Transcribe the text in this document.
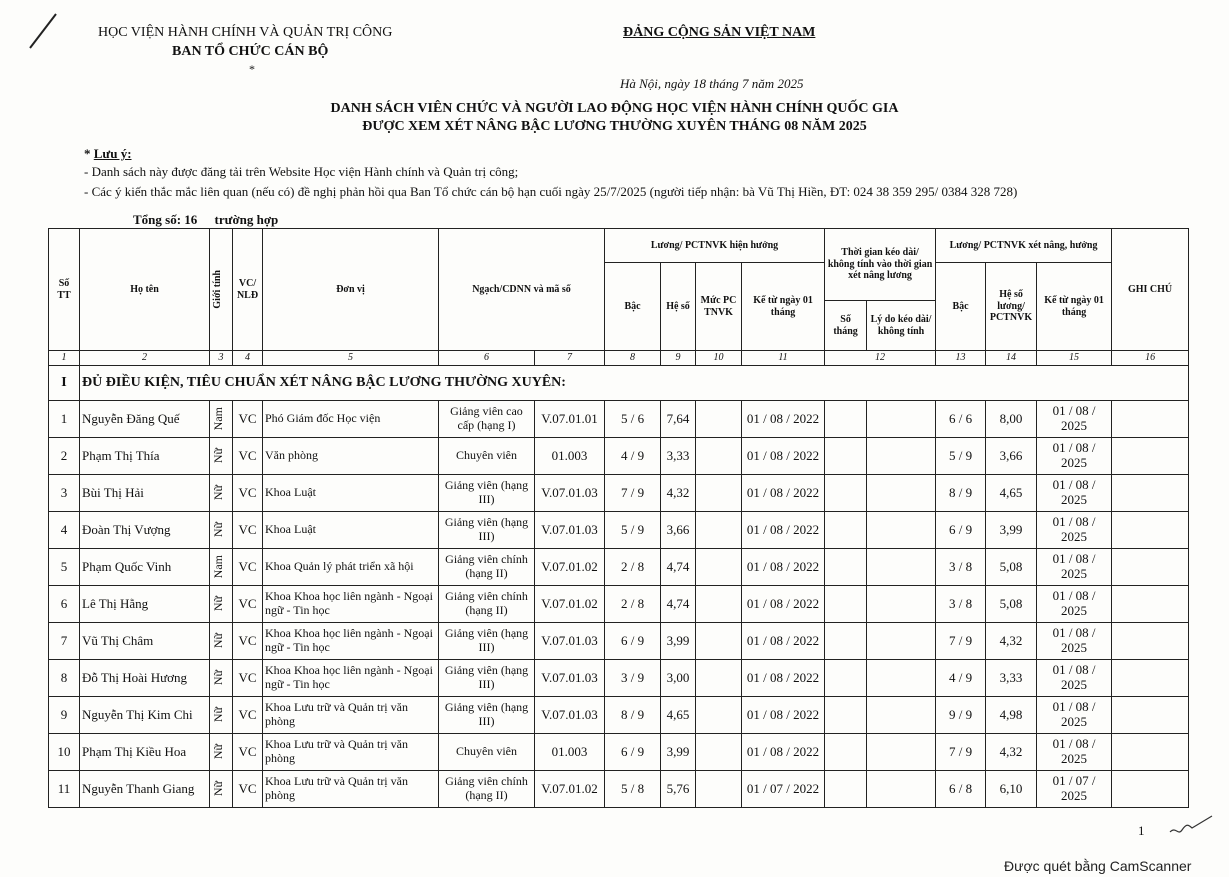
HỌC VIỆN HÀNH CHÍNH VÀ QUẢN TRỊ CÔNG
BAN TỔ CHỨC CÁN BỘ
*
ĐẢNG CỘNG SẢN VIỆT NAM
Hà Nội, ngày 18 tháng 7 năm 2025
DANH SÁCH VIÊN CHỨC VÀ NGƯỜI LAO ĐỘNG HỌC VIỆN HÀNH CHÍNH QUỐC GIA
ĐƯỢC XEM XÉT NÂNG BẬC LƯƠNG THƯỜNG XUYÊN THÁNG 08 NĂM 2025
* Lưu ý:
- Danh sách này được đăng tải trên Website Học viện Hành chính và Quản trị công;
- Các ý kiến thắc mắc liên quan (nếu có) đề nghị phản hồi qua Ban Tổ chức cán bộ hạn cuối ngày 25/7/2025 (người tiếp nhận: bà Vũ Thị Hiền, ĐT: 024 38 359 295/ 0384 328 728)
Tổng số: 16 trường hợp
Số TT	Họ tên	Giới tính	VC/ NLĐ	Đơn vị	Ngạch/CDNN và mã số		Lương/ PCTNVK hiện hưởng				Thời gian kéo dài/ không tính vào thời gian xét nâng lương		Lương/ PCTNVK xét nâng, hưởng			GHI CHÚ
							Bậc	Hệ số	Mức PC TNVK	Kể từ ngày 01 tháng			Bậc	Hệ số lương/ PCTNVK	Kể từ ngày 01 tháng	
											Số tháng	Lý do kéo dài/ không tính				
1	2	3	4	5	6	7	8	9	10	11	12		13	14	15	16
I	ĐỦ ĐIỀU KIỆN, TIÊU CHUẨN XÉT NÂNG BẬC LƯƠNG THƯỜNG XUYÊN:															
1	Nguyễn Đăng Quế	Nam	VC	Phó Giám đốc Học viện	Giảng viên cao cấp (hạng I)	V.07.01.01	5 / 6	7,64		01 / 08 / 2022			6 / 6	8,00	01 / 08 / 2025	
2	Phạm Thị Thía	Nữ	VC	Văn phòng	Chuyên viên	01.003	4 / 9	3,33		01 / 08 / 2022			5 / 9	3,66	01 / 08 / 2025	
3	Bùi Thị Hải	Nữ	VC	Khoa Luật	Giảng viên (hạng III)	V.07.01.03	7 / 9	4,32		01 / 08 / 2022			8 / 9	4,65	01 / 08 / 2025	
4	Đoàn Thị Vượng	Nữ	VC	Khoa Luật	Giảng viên (hạng III)	V.07.01.03	5 / 9	3,66		01 / 08 / 2022			6 / 9	3,99	01 / 08 / 2025	
5	Phạm Quốc Vinh	Nam	VC	Khoa Quản lý phát triển xã hội	Giảng viên chính (hạng II)	V.07.01.02	2 / 8	4,74		01 / 08 / 2022			3 / 8	5,08	01 / 08 / 2025	
6	Lê Thị Hằng	Nữ	VC	Khoa Khoa học liên ngành - Ngoại ngữ - Tin học	Giảng viên chính (hạng II)	V.07.01.02	2 / 8	4,74		01 / 08 / 2022			3 / 8	5,08	01 / 08 / 2025	
7	Vũ Thị Châm	Nữ	VC	Khoa Khoa học liên ngành - Ngoại ngữ - Tin học	Giảng viên (hạng III)	V.07.01.03	6 / 9	3,99		01 / 08 / 2022			7 / 9	4,32	01 / 08 / 2025	
8	Đỗ Thị Hoài Hương	Nữ	VC	Khoa Khoa học liên ngành - Ngoại ngữ - Tin học	Giảng viên (hạng III)	V.07.01.03	3 / 9	3,00		01 / 08 / 2022			4 / 9	3,33	01 / 08 / 2025	
9	Nguyễn Thị Kim Chi	Nữ	VC	Khoa Lưu trữ và Quản trị văn phòng	Giảng viên (hạng III)	V.07.01.03	8 / 9	4,65		01 / 08 / 2022			9 / 9	4,98	01 / 08 / 2025	
10	Phạm Thị Kiều Hoa	Nữ	VC	Khoa Lưu trữ và Quản trị văn phòng	Chuyên viên	01.003	6 / 9	3,99		01 / 08 / 2022			7 / 9	4,32	01 / 08 / 2025	
11	Nguyễn Thanh Giang	Nữ	VC	Khoa Lưu trữ và Quản trị văn phòng	Giảng viên chính (hạng II)	V.07.01.02	5 / 8	5,76		01 / 07 / 2022			6 / 8	6,10	01 / 07 / 2025	
1
Được quét bằng CamScanner
